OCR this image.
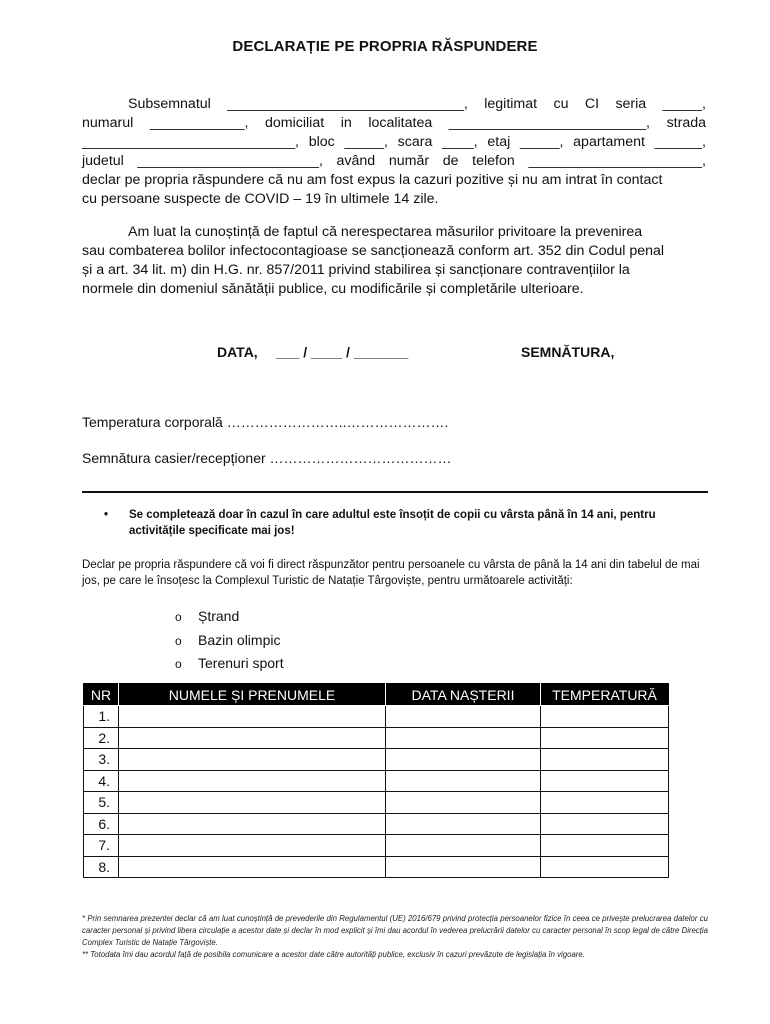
DECLARAȚIE PE PROPRIA RĂSPUNDERE
Subsemnatul ______________________________, legitimat cu CI seria _____,
numarul ____________, domiciliat in localitatea _________________________, strada
___________________________, bloc _____, scara ____, etaj _____, apartament ______,
judetul _______________________, având număr de telefon ______________________,
declar pe propria răspundere că nu am fost expus la cazuri pozitive și nu am intrat în contact
cu persoane suspecte de COVID – 19 în ultimele 14 zile.
Am luat la cunoștință de faptul că nerespectarea măsurilor privitoare la prevenirea
sau combaterea bolilor infectocontagioase se sancționează conform art. 352 din Codul penal
și a art. 34 lit. m) din H.G. nr. 857/2011 privind stabilirea și sancționare contravențiilor la
normele din domeniul sănătății publice, cu modificările și completările ulterioare.
DATA, ___ / ____ / _______	SEMNĂTURA,
Temperatura corporală ……………………..………………….
Semnătura casier/recepționer …………………………………
• Se completează doar în cazul în care adultul este însoțit de copii cu vârsta până în 14 ani, pentru activitățile specificate mai jos!
Declar pe propria răspundere că voi fi direct răspunzător pentru persoanele cu vârsta de până la 14 ani din tabelul de mai jos, pe care le însoțesc la Complexul Turistic de Natație Târgoviște, pentru următoarele activități:
o Ștrand
o Bazin olimpic
o Terenuri sport
NR	NUMELE ȘI PRENUMELE	DATA NAȘTERII	TEMPERATURĂ
1.			
2.			
3.			
4.			
5.			
6.			
7.			
8.			
* Prin semnarea prezentei declar că am luat cunoștință de prevederile din Regulamentul (UE) 2016/679 privind protecția persoanelor fizice în ceea ce privește prelucrarea datelor cu caracter personal și privind libera circulație a acestor date și declar în mod explicit și îmi dau acordul în vederea prelucrării datelor cu caracter personal în scop legal de către Direcția Complex Turistic de Natație Târgoviște.
** Totodata îmi dau acordul față de posibila comunicare a acestor date către autorități publice, exclusiv în cazuri prevăzute de legislația în vigoare.
